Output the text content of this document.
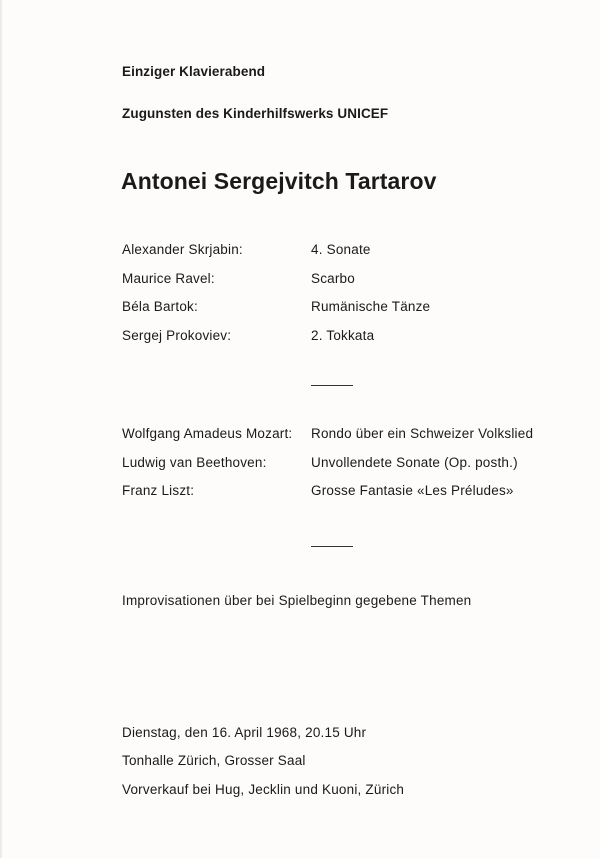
Einziger Klavierabend
Zugunsten des Kinderhilfswerks UNICEF
Antonei Sergejvitch Tartarov
Alexander Skrjabin:	4. Sonate
Maurice Ravel:	Scarbo
Béla Bartok:	Rumänische Tänze
Sergej Prokoviev:	2. Tokkata
Wolfgang Amadeus Mozart: Rondo über ein Schweizer Volkslied
Ludwig van Beethoven:	Unvollendete Sonate (Op. posth.)
Franz Liszt:	Grosse Fantasie «Les Préludes»
Improvisationen über bei Spielbeginn gegebene Themen
Dienstag, den 16. April 1968, 20.15 Uhr
Tonhalle Zürich, Grosser Saal
Vorverkauf bei Hug, Jecklin und Kuoni, Zürich
